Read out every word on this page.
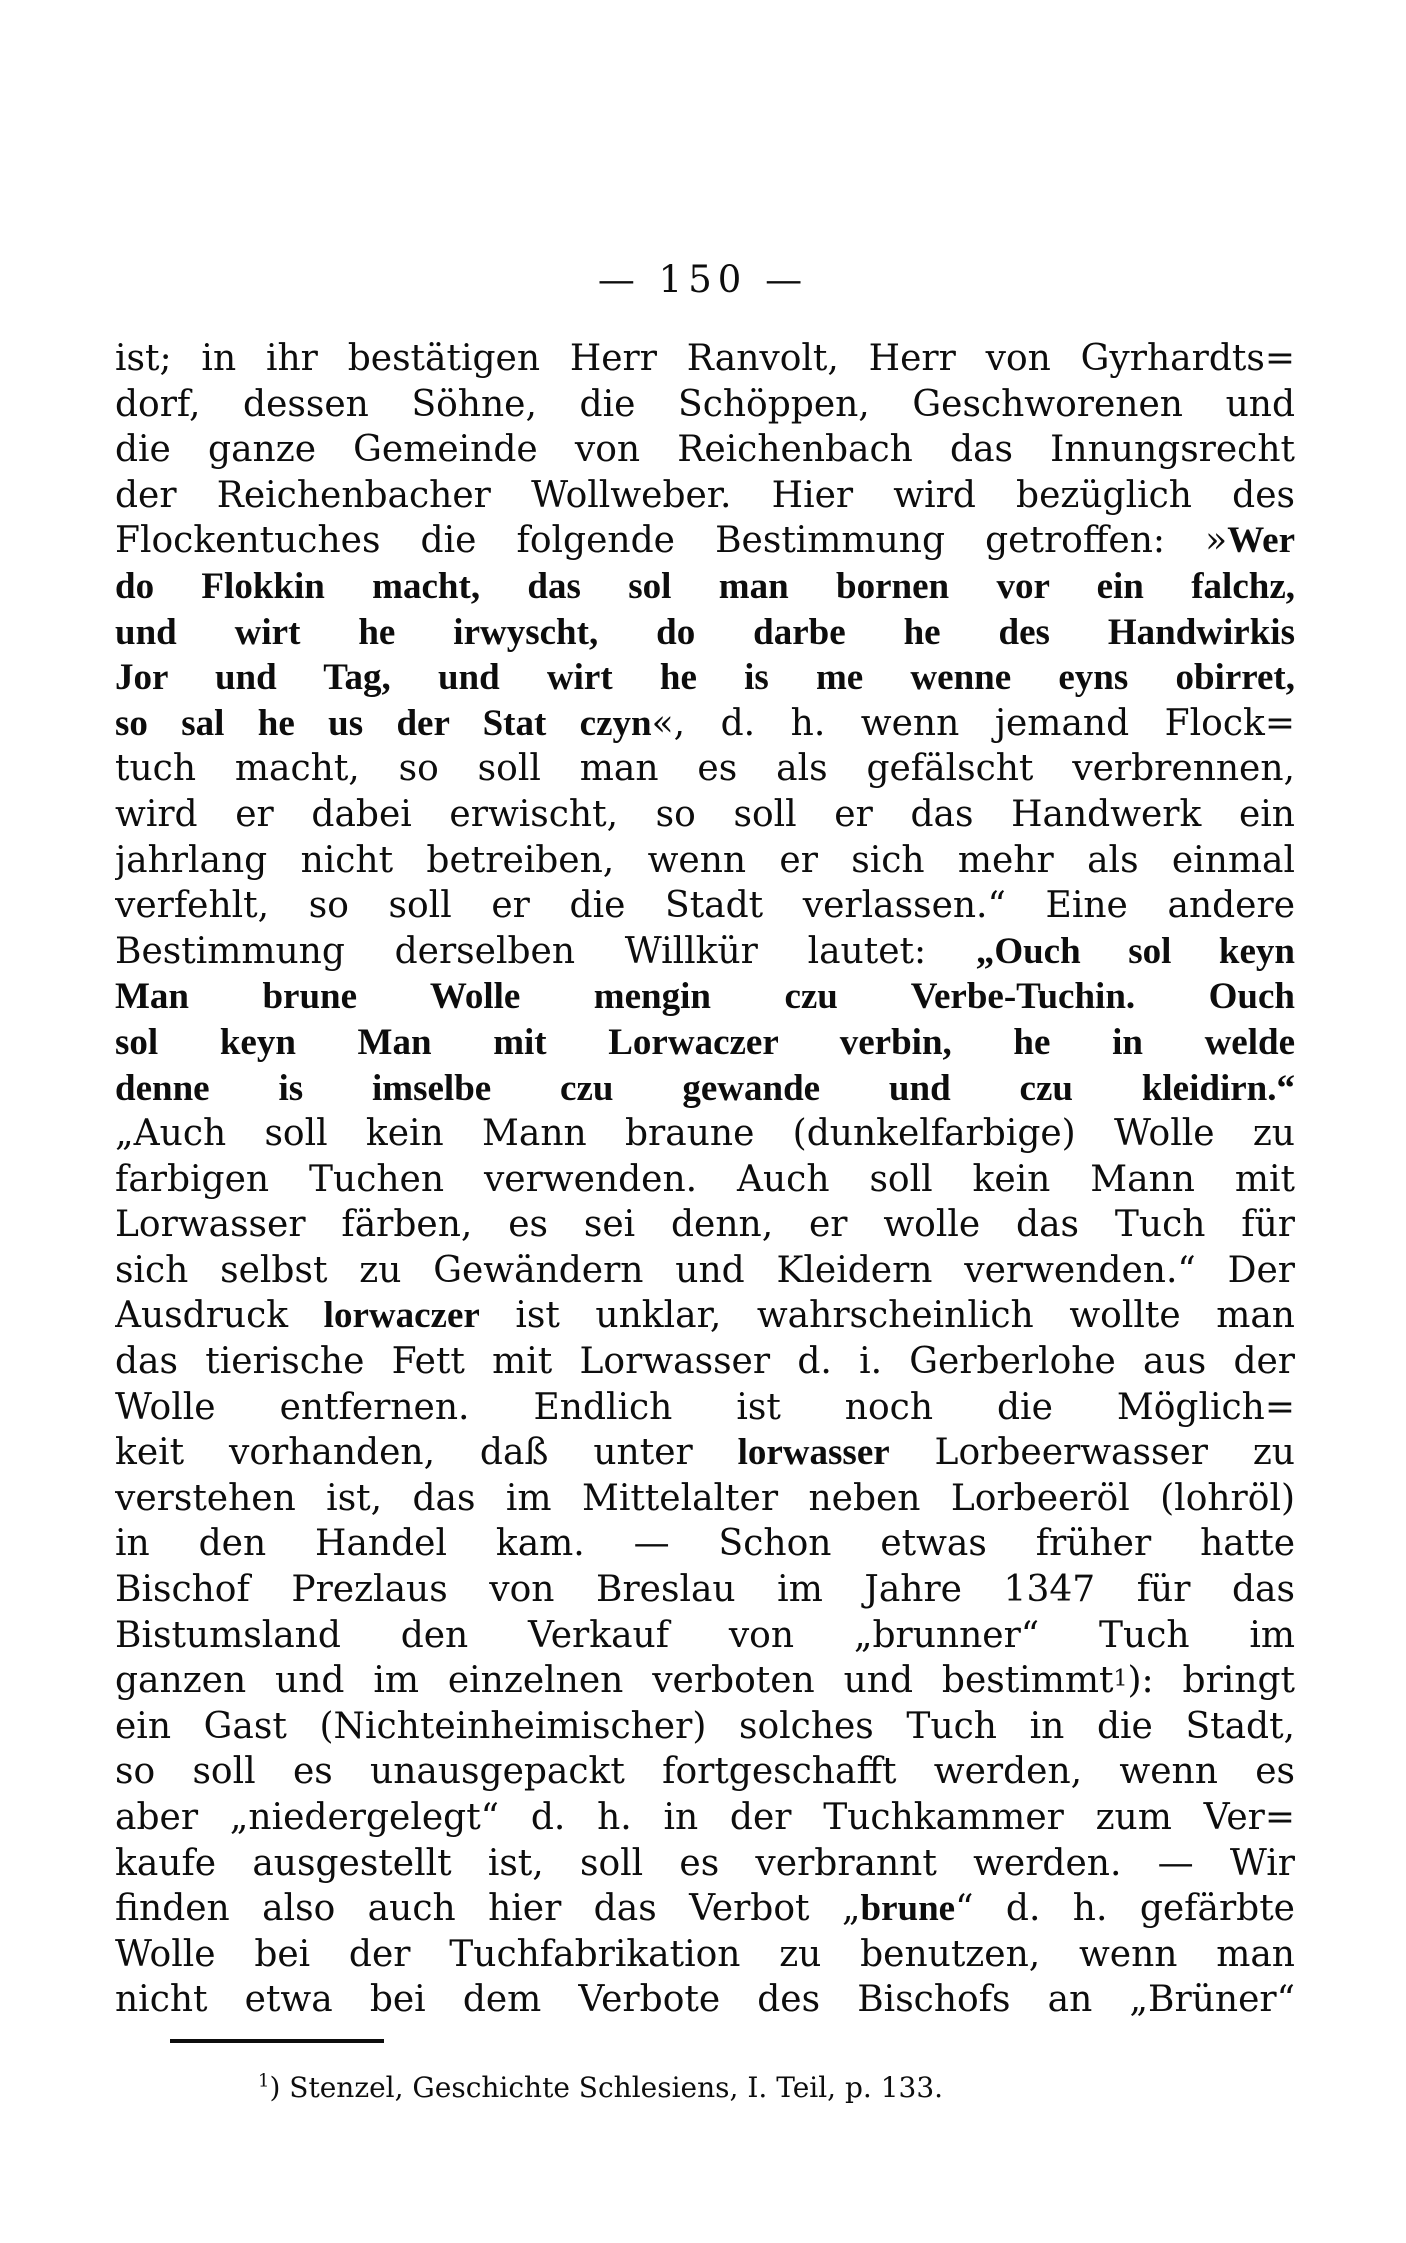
— 150 —
ist; in ihr bestätigen Herr Ranvolt, Herr von Gyrhardts=
dorf, dessen Söhne, die Schöppen, Geschworenen und
die ganze Gemeinde von Reichenbach das Innungsrecht
der Reichenbacher Wollweber. Hier wird bezüglich des
Flockentuches die folgende Bestimmung getroffen: »Wer
do Flokkin macht, das sol man bornen vor ein falchz,
und wirt he irwyscht, do darbe he des Handwirkis
Jor und Tag, und wirt he is me wenne eyns obirret,
so sal he us der Stat czyn«, d. h. wenn jemand Flock=
tuch macht, so soll man es als gefälscht verbrennen,
wird er dabei erwischt, so soll er das Handwerk ein
jahrlang nicht betreiben, wenn er sich mehr als einmal
verfehlt, so soll er die Stadt verlassen.“ Eine andere
Bestimmung derselben Willkür lautet: „Ouch sol keyn
Man brune Wolle mengin czu Verbe-Tuchin. Ouch
sol keyn Man mit Lorwaczer verbin, he in welde
denne is imselbe czu gewande und czu kleidirn.“
„Auch soll kein Mann braune (dunkelfarbige) Wolle zu
farbigen Tuchen verwenden. Auch soll kein Mann mit
Lorwasser färben, es sei denn, er wolle das Tuch für
sich selbst zu Gewändern und Kleidern verwenden.“ Der
Ausdruck lorwaczer ist unklar, wahrscheinlich wollte man
das tierische Fett mit Lorwasser d. i. Gerberlohe aus der
Wolle entfernen. Endlich ist noch die Möglich=
keit vorhanden, daß unter lorwasser Lorbeerwasser zu
verstehen ist, das im Mittelalter neben Lorbeeröl (lohröl)
in den Handel kam. — Schon etwas früher hatte
Bischof Prezlaus von Breslau im Jahre 1347 für das
Bistumsland den Verkauf von „brunner“ Tuch im
ganzen und im einzelnen verboten und bestimmt$^1$): bringt
ein Gast (Nichteinheimischer) solches Tuch in die Stadt,
so soll es unausgepackt fortgeschafft werden, wenn es
aber „niedergelegt“ d. h. in der Tuchkammer zum Ver=
kaufe ausgestellt ist, soll es verbrannt werden. — Wir
finden also auch hier das Verbot „brune“ d. h. gefärbte
Wolle bei der Tuchfabrikation zu benutzen, wenn man
nicht etwa bei dem Verbote des Bischofs an „Brüner“
$^1$) Stenzel, Geschichte Schlesiens, I. Teil, p. 133.
